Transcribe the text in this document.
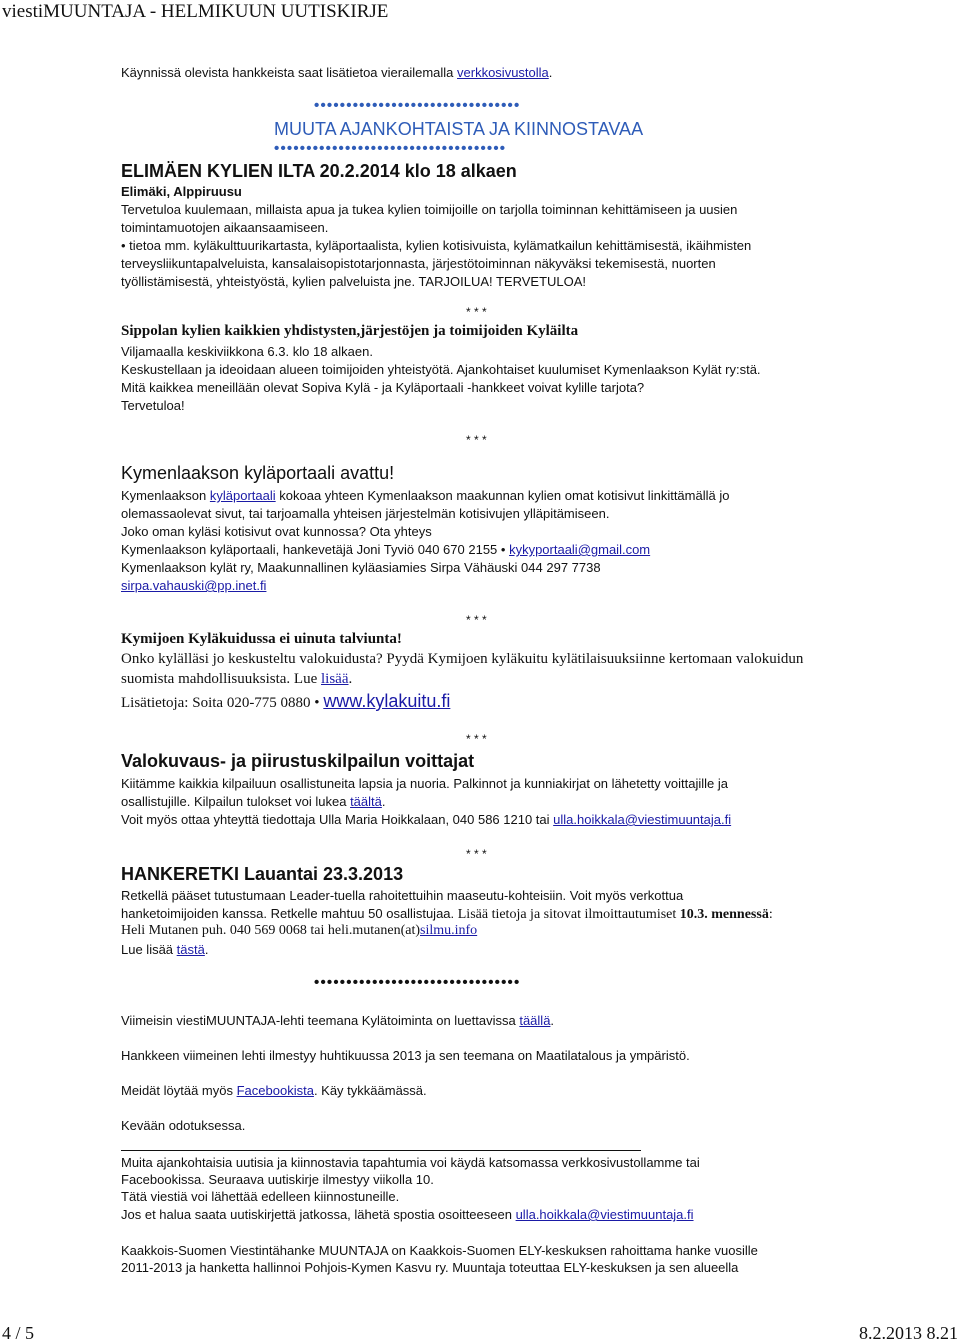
viestiMUUNTAJA - HELMIKUUN UUTISKIRJE
Käynnissä olevista hankkeista saat lisätietoa vierailemalla verkkosivustolla.
••••••••••••••••••••••••••••••••
MUUTA AJANKOHTAISTA JA KIINNOSTAVAA
••••••••••••••••••••••••••••••••••••
ELIMÄEN KYLIEN ILTA 20.2.2014 klo 18 alkaen
Elimäki, Alppiruusu
Tervetuloa kuulemaan, millaista apua ja tukea kylien toimijoille on tarjolla toiminnan kehittämiseen ja uusien
toimintamuotojen aikaansaamiseen.
• tietoa mm. kyläkulttuurikartasta, kyläportaalista, kylien kotisivuista, kylämatkailun kehittämisestä, ikäihmisten
terveysliikuntapalveluista, kansalaisopistotarjonnasta, järjestötoiminnan näkyväksi tekemisestä, nuorten
työllistämisestä, yhteistyöstä, kylien palveluista jne. TARJOILUA! TERVETULOA!
* * *
Sippolan kylien kaikkien yhdistysten,järjestöjen ja toimijoiden Kyläilta
Viljamaalla keskiviikkona 6.3. klo 18 alkaen.
Keskustellaan ja ideoidaan alueen toimijoiden yhteistyötä. Ajankohtaiset kuulumiset Kymenlaakson Kylät ry:stä.
Mitä kaikkea meneillään olevat Sopiva Kylä - ja Kyläportaali -hankkeet voivat kylille tarjota?
Tervetuloa!
* * *
Kymenlaakson kyläportaali avattu!
Kymenlaakson kyläportaali kokoaa yhteen Kymenlaakson maakunnan kylien omat kotisivut linkittämällä jo
olemassaolevat sivut, tai tarjoamalla yhteisen järjestelmän kotisivujen ylläpitämiseen.
Joko oman kyläsi kotisivut ovat kunnossa? Ota yhteys
Kymenlaakson kyläportaali, hankevetäjä Joni Tyviö 040 670 2155 • kykyportaali@gmail.com
Kymenlaakson kylät ry, Maakunnallinen kyläasiamies Sirpa Vähäuski 044 297 7738
sirpa.vahauski@pp.inet.fi
* * *
Kymijoen Kyläkuidussa ei uinuta talviunta!
Onko kylälläsi jo keskusteltu valokuidusta? Pyydä Kymijoen kyläkuitu kylätilaisuuksiinne kertomaan valokuidun
suomista mahdollisuuksista. Lue lisää.
Lisätietoja: Soita 020-775 0880 • www.kylakuitu.fi
* * *
Valokuvaus- ja piirustuskilpailun voittajat
Kiitämme kaikkia kilpailuun osallistuneita lapsia ja nuoria. Palkinnot ja kunniakirjat on lähetetty voittajille ja
osallistujille. Kilpailun tulokset voi lukea täältä.
Voit myös ottaa yhteyttä tiedottaja Ulla Maria Hoikkalaan, 040 586 1210 tai ulla.hoikkala@viestimuuntaja.fi
* * *
HANKERETKI Lauantai 23.3.2013
Retkellä pääset tutustumaan Leader-tuella rahoitettuihin maaseutu-kohteisiin. Voit myös verkottua
hanketoimijoiden kanssa. Retkelle mahtuu 50 osallistujaa. Lisää tietoja ja sitovat ilmoittautumiset 10.3. mennessä:
Heli Mutanen puh. 040 569 0068 tai heli.mutanen(at)silmu.info
Lue lisää tästä.
••••••••••••••••••••••••••••••••
Viimeisin viestiMUUNTAJA-lehti teemana Kylätoiminta on luettavissa täällä.
Hankkeen viimeinen lehti ilmestyy huhtikuussa 2013 ja sen teemana on Maatilatalous ja ympäristö.
Meidät löytää myös Facebookista. Käy tykkäämässä.
Kevään odotuksessa.
Muita ajankohtaisia uutisia ja kiinnostavia tapahtumia voi käydä katsomassa verkkosivustollamme tai
Facebookissa. Seuraava uutiskirje ilmestyy viikolla 10.
Tätä viestiä voi lähettää edelleen kiinnostuneille.
Jos et halua saata uutiskirjettä jatkossa, lähetä spostia osoitteeseen ulla.hoikkala@viestimuuntaja.fi
Kaakkois-Suomen Viestintähanke MUUNTAJA on Kaakkois-Suomen ELY-keskuksen rahoittama hanke vuosille
2011-2013 ja hanketta hallinnoi Pohjois-Kymen Kasvu ry. Muuntaja toteuttaa ELY-keskuksen ja sen alueella
4 / 5	8.2.2013 8.21
